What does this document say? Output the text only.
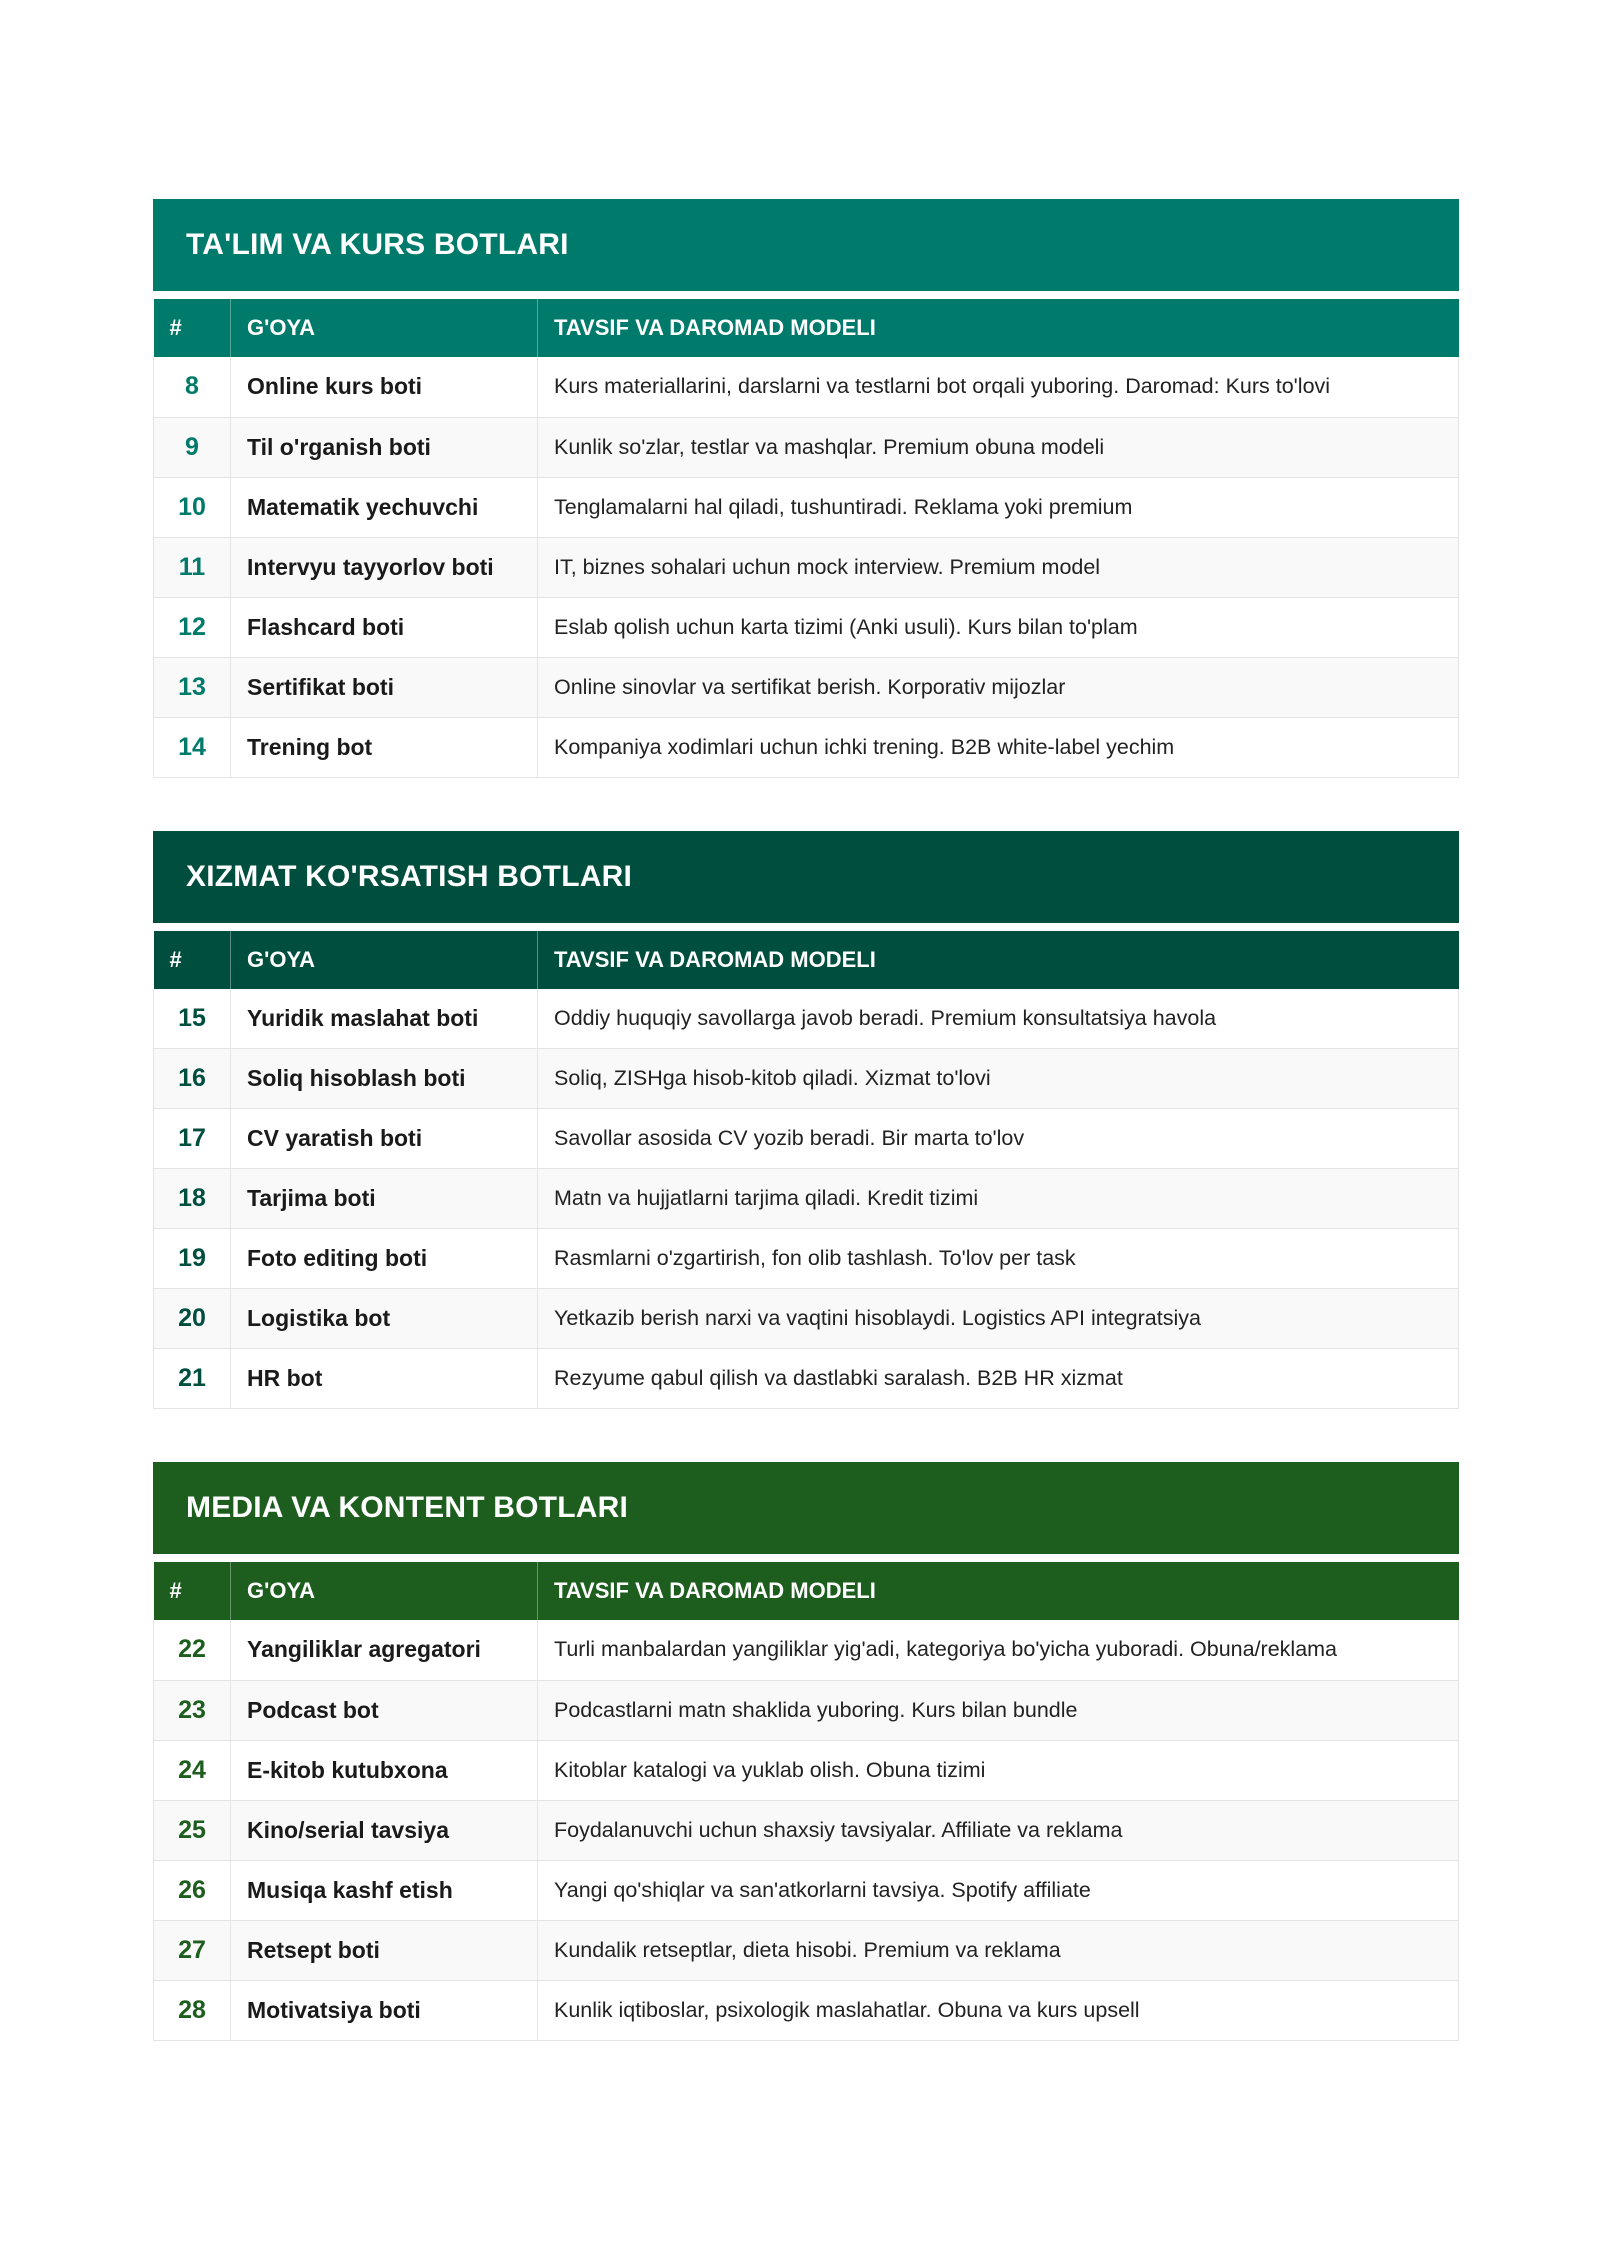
TA'LIM VA KURS BOTLARI
#	G'OYA	TAVSIF VA DAROMAD MODELI
8	Online kurs boti	Kurs materiallarini, darslarni va testlarni bot orqali yuboring. Daromad: Kurs to'lovi
9	Til o'rganish boti	Kunlik so'zlar, testlar va mashqlar. Premium obuna modeli
10	Matematik yechuvchi	Tenglamalarni hal qiladi, tushuntiradi. Reklama yoki premium
11	Intervyu tayyorlov boti	IT, biznes sohalari uchun mock interview. Premium model
12	Flashcard boti	Eslab qolish uchun karta tizimi (Anki usuli). Kurs bilan to'plam
13	Sertifikat boti	Online sinovlar va sertifikat berish. Korporativ mijozlar
14	Trening bot	Kompaniya xodimlari uchun ichki trening. B2B white-label yechim
XIZMAT KO'RSATISH BOTLARI
#	G'OYA	TAVSIF VA DAROMAD MODELI
15	Yuridik maslahat boti	Oddiy huquqiy savollarga javob beradi. Premium konsultatsiya havola
16	Soliq hisoblash boti	Soliq, ZISHga hisob-kitob qiladi. Xizmat to'lovi
17	CV yaratish boti	Savollar asosida CV yozib beradi. Bir marta to'lov
18	Tarjima boti	Matn va hujjatlarni tarjima qiladi. Kredit tizimi
19	Foto editing boti	Rasmlarni o'zgartirish, fon olib tashlash. To'lov per task
20	Logistika bot	Yetkazib berish narxi va vaqtini hisoblaydi. Logistics API integratsiya
21	HR bot	Rezyume qabul qilish va dastlabki saralash. B2B HR xizmat
MEDIA VA KONTENT BOTLARI
#	G'OYA	TAVSIF VA DAROMAD MODELI
22	Yangiliklar agregatori	Turli manbalardan yangiliklar yig'adi, kategoriya bo'yicha yuboradi. Obuna/reklama
23	Podcast bot	Podcastlarni matn shaklida yuboring. Kurs bilan bundle
24	E-kitob kutubxona	Kitoblar katalogi va yuklab olish. Obuna tizimi
25	Kino/serial tavsiya	Foydalanuvchi uchun shaxsiy tavsiyalar. Affiliate va reklama
26	Musiqa kashf etish	Yangi qo'shiqlar va san'atkorlarni tavsiya. Spotify affiliate
27	Retsept boti	Kundalik retseptlar, dieta hisobi. Premium va reklama
28	Motivatsiya boti	Kunlik iqtiboslar, psixologik maslahatlar. Obuna va kurs upsell
